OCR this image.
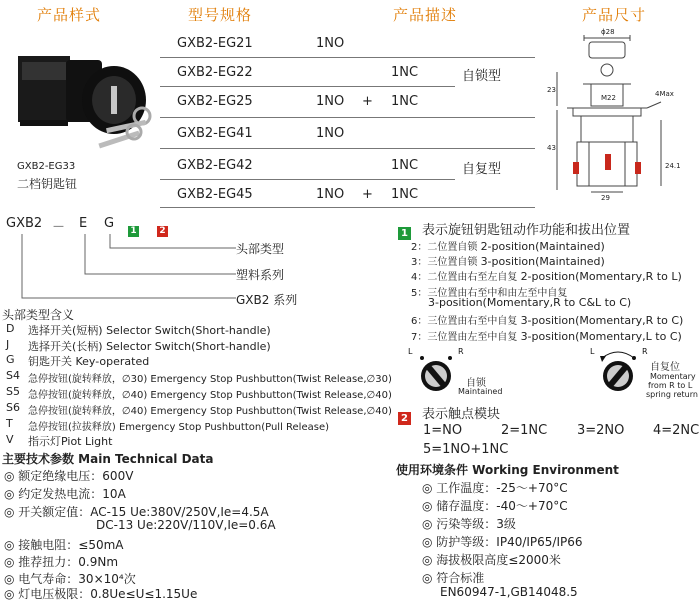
产品样式	型号规格	产品描述	产品尺寸
GXB2-EG33
二档钥匙钮
GXB2-EG21	1NO
GXB2-EG22	1NC
GXB2-EG25	1NO + 1NC
GXB2-EG41	1NO
GXB2-EG42	1NC
GXB2-EG45	1NO + 1NC
自锁型
自复型
ϕ28
M22	4Max
23
43
24.1
29
GXB2 － E G 1	2
头部类型
塑料系列
GXB2 系列
头部类型含义
D 选择开关(短柄) Selector Switch(Short-handle)
J 选择开关(长柄) Selector Switch(Short-handle)
G 钥匙开关 Key-operated
S4 急停按钮(旋转释放，∅30) Emergency Stop Pushbutton(Twist Release,∅30)
S5 急停按钮(旋转释放，∅40) Emergency Stop Pushbutton(Twist Release,∅40)
S6 急停按钮(旋转释放，∅40) Emergency Stop Pushbutton(Twist Release,∅40)
T 急停按钮(拉拔释放) Emergency Stop Pushbutton(Pull Release)
V 指示灯Piot Light
主要技术参数 Main Technical Data
◎ 额定绝缘电压：600V
◎ 约定发热电流：10A
◎ 开关额定值：AC-15 Ue:380V/250V,Ie=4.5A
DC-13 Ue:220V/110V,Ie=0.6A
◎ 接触电阻：≤50mA
◎ 推荐扭力：0.9Nm
◎ 电气寿命：30×10⁴次
◎ 灯电压极限：0.8Ue≤U≤1.15Ue
1 表示旋钮钥匙钮动作功能和拔出位置
2：二位置自锁 2-position(Maintained)
3：三位置自锁 3-position(Maintained)
4：二位置由右至左自复 2-position(Momentary,R to L)
5：三位置由右至中和由左至中自复
3-position(Momentary,R to C&L to C)
6：三位置由右至中自复 3-position(Momentary,R to C)
7：三位置由左至中自复 3-position(Momentary,L to C)
L	R
自锁
Maintained
L	R
自复位
Momentary
from R to L
spring return
2 表示触点模块
1=NO	2=1NC 3=2NO 4=2NC
5=1NO+1NC
使用环境条件 Working Environment
◎ 工作温度：-25～+70°C
◎ 储存温度：-40～+70°C
◎ 污染等级：3级
◎ 防护等级：IP40/IP65/IP66
◎ 海拔极限高度≤2000米
◎ 符合标准
EN60947-1,GB14048.5
